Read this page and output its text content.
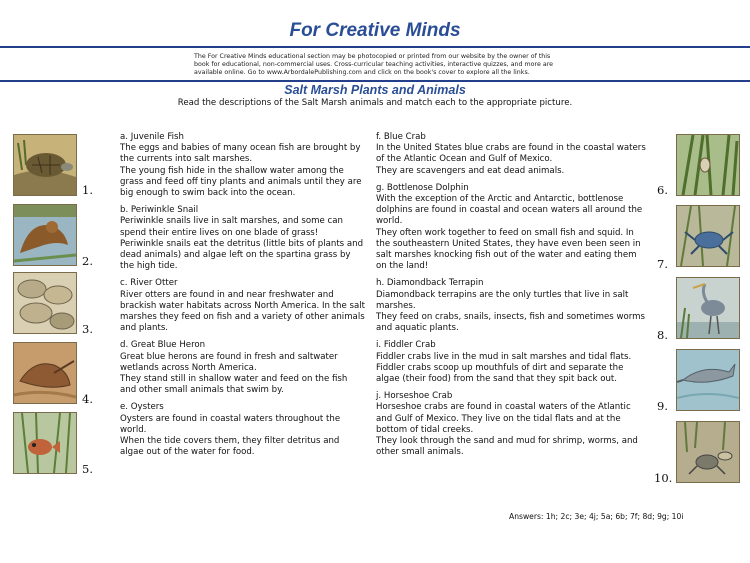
For Creative Minds
The For Creative Minds educational section may be photocopied or printed from our website by the owner of this book for educational, non-commercial uses. Cross-curricular teaching activities, interactive quizzes, and more are available online. Go to www.ArbordalePublishing.com and click on the book's cover to explore all the links.
Salt Marsh Plants and Animals
Read the descriptions of the Salt Marsh animals and match each to the appropriate picture.
1.
2.
3.
4.
5.
a. Juvenile Fish
The eggs and babies of many ocean fish are brought by the currents into salt marshes.
The young fish hide in the shallow water among the grass and feed off tiny plants and animals until they are big enough to swim back into the ocean.
b. Periwinkle Snail
Periwinkle snails live in salt marshes, and some can spend their entire lives on one blade of grass!
Periwinkle snails eat the detritus (little bits of plants and dead animals) and algae left on the spartina grass by the high tide.
c. River Otter
River otters are found in and near freshwater and brackish water habitats across North America. In the salt marshes they feed on fish and a variety of other animals and plants.
d. Great Blue Heron
Great blue herons are found in fresh and saltwater wetlands across North America.
They stand still in shallow water and feed on the fish and other small animals that swim by.
e. Oysters
Oysters are found in coastal waters throughout the world.
When the tide covers them, they filter detritus and algae out of the water for food.
f. Blue Crab
In the United States blue crabs are found in the coastal waters of the Atlantic Ocean and Gulf of Mexico.
They are scavengers and eat dead animals.
g. Bottlenose Dolphin
With the exception of the Arctic and Antarctic, bottlenose dolphins are found in coastal and ocean waters all around the world.
They often work together to feed on small fish and squid. In the southeastern United States, they have even been seen in salt marshes knocking fish out of the water and eating them on the land!
h. Diamondback Terrapin
Diamondback terrapins are the only turtles that live in salt marshes.
They feed on crabs, snails, insects, fish and sometimes worms and aquatic plants.
i. Fiddler Crab
Fiddler crabs live in the mud in salt marshes and tidal flats. Fiddler crabs scoop up mouthfuls of dirt and separate the algae (their food) from the sand that they spit back out.
j. Horseshoe Crab
Horseshoe crabs are found in coastal waters of the Atlantic and Gulf of Mexico. They live on the tidal flats and at the bottom of tidal creeks.
They look through the sand and mud for shrimp, worms, and other small animals.
6.
7.
8.
9.
10.
Answers: 1h; 2c; 3e; 4j; 5a; 6b; 7f; 8d; 9g; 10i
